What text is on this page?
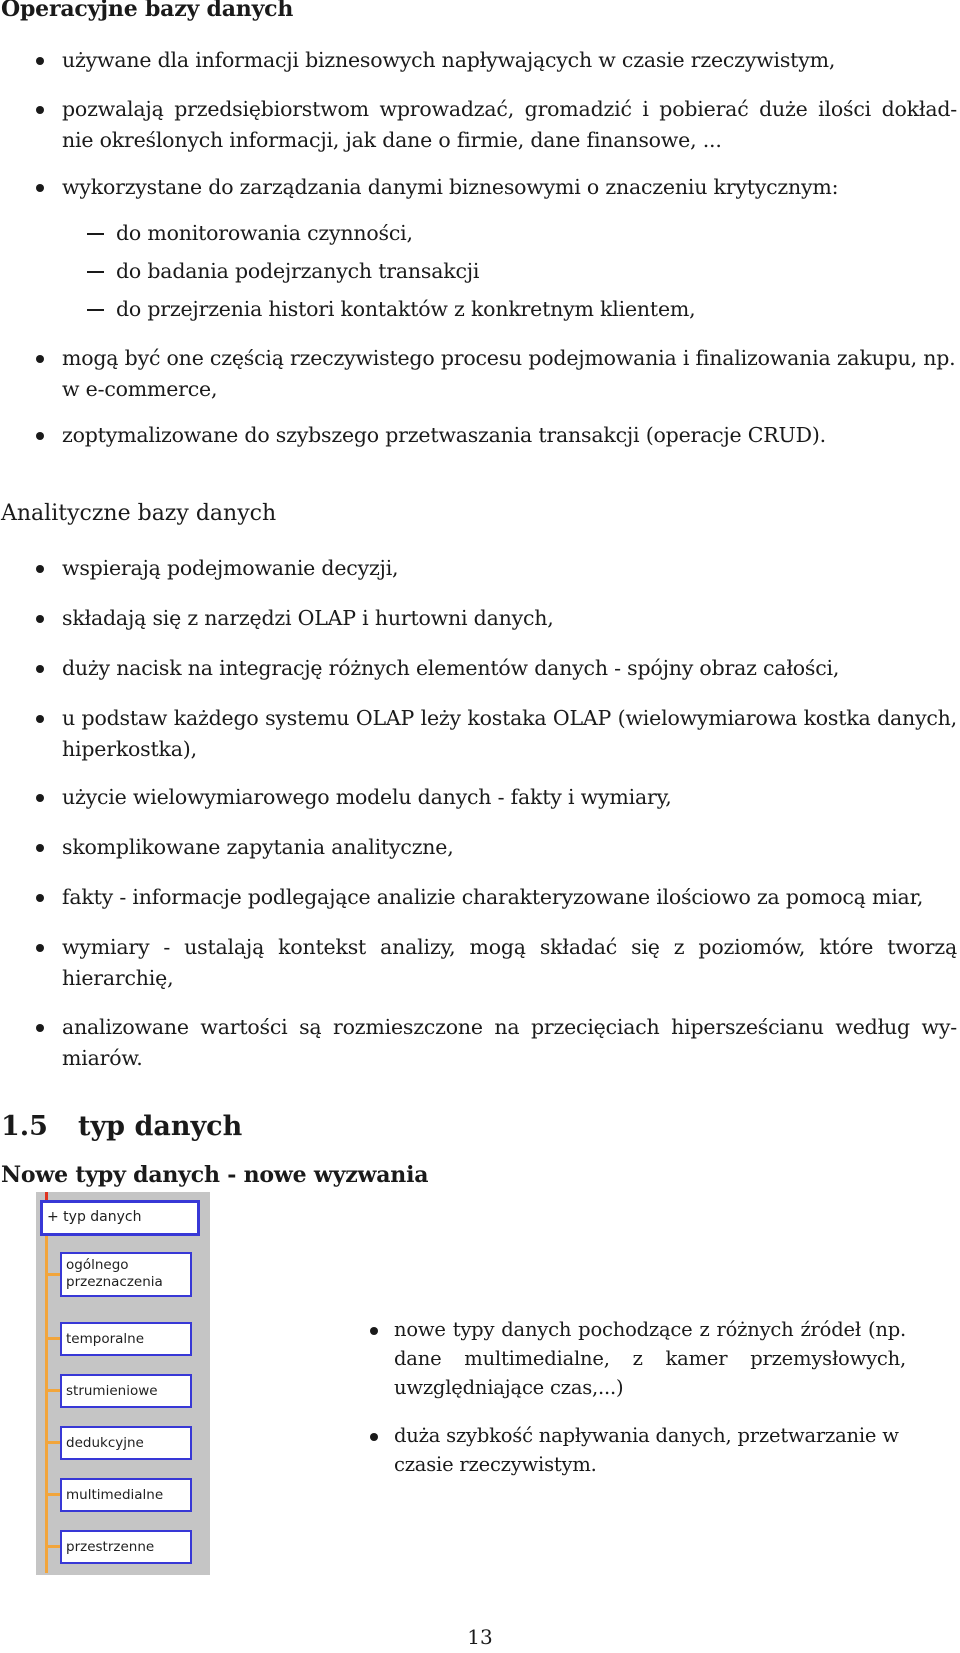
Operacyjne bazy danych
używane dla informacji biznesowych napływających w czasie rzeczywistym,
pozwalają przedsiębiorstwom wprowadzać, gromadzić i pobierać duże ilości dokład- nie określonych informacji, jak dane o firmie, dane finansowe, ...
wykorzystane do zarządzania danymi biznesowymi o znaczeniu krytycznym:
do monitorowania czynności,
do badania podejrzanych transakcji
do przejrzenia histori kontaktów z konkretnym klientem,
mogą być one częścią rzeczywistego procesu podejmowania i finalizowania zakupu, np. w e-commerce,
zoptymalizowane do szybszego przetwaszania transakcji (operacje CRUD).
Analityczne bazy danych
wspierają podejmowanie decyzji,
składają się z narzędzi OLAP i hurtowni danych,
duży nacisk na integrację różnych elementów danych - spójny obraz całości,
u podstaw każdego systemu OLAP leży kostaka OLAP (wielowymiarowa kostka danych, hiperkostka),
użycie wielowymiarowego modelu danych - fakty i wymiary,
skomplikowane zapytania analityczne,
fakty - informacje podlegające analizie charakteryzowane ilościowo za pomocą miar,
wymiary - ustalają kontekst analizy, mogą składać się z poziomów, które tworzą hierarchię,
analizowane wartości są rozmieszczone na przecięciach hipersześcianu według wy- miarów.
1.5 typ danych
Nowe typy danych - nowe wyzwania
+ typ danych
ogólnego przeznaczenia
temporalne
strumieniowe
dedukcyjne
multimedialne
przestrzenne
nowe typy danych pochodzące z różnych źródeł (np. dane multimedialne, z kamer przemysłowych, uwzględniające czas,...)
duża szybkość napływania danych, przetwarzanie w czasie rzeczywistym.
13
